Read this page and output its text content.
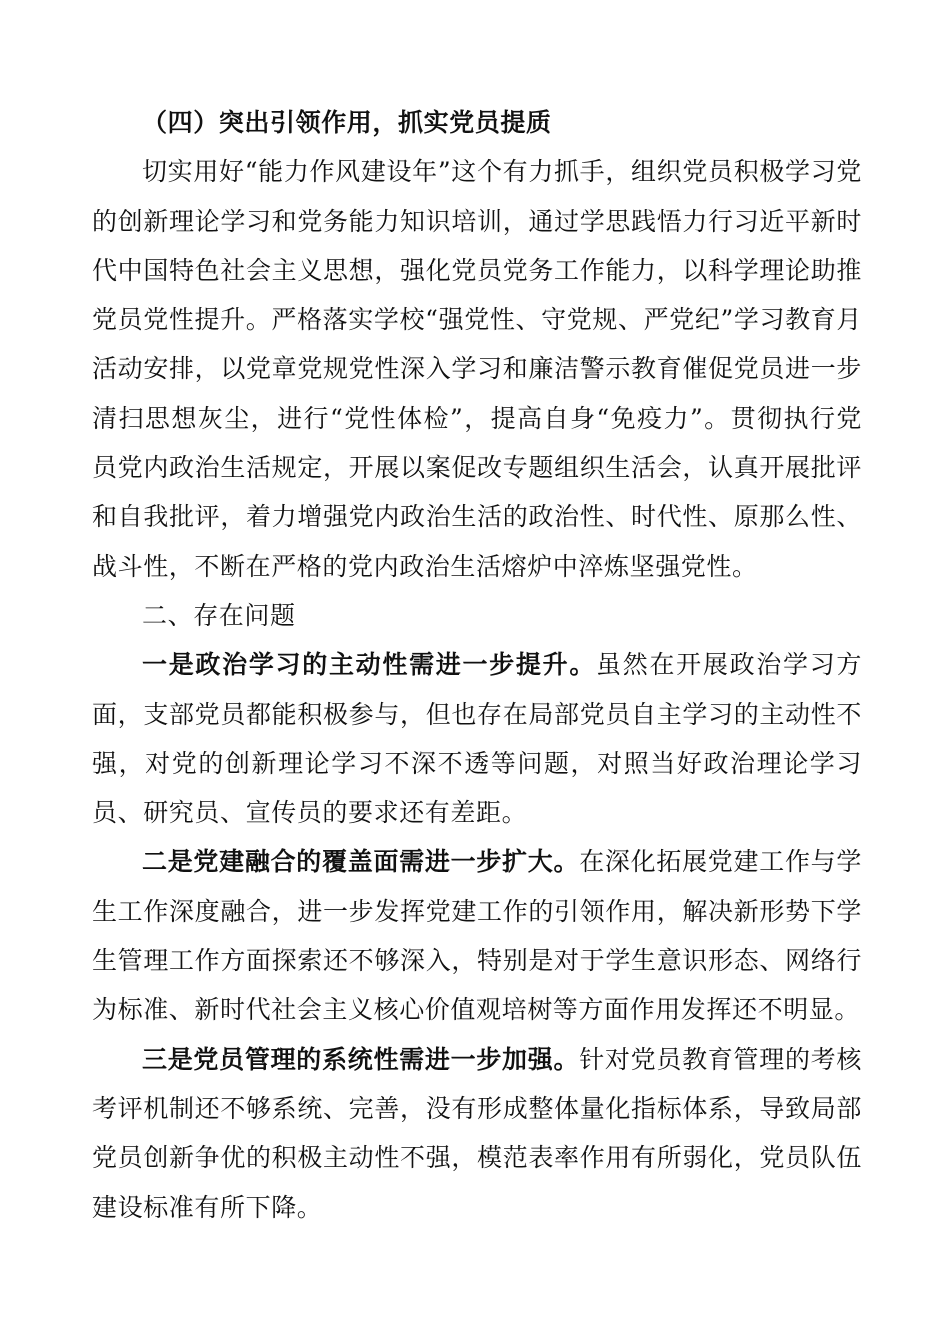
（四）突出引领作用，抓实党员提质

切实用好“能力作风建设年”这个有力抓手，组织党员积极学习党的创新理论学习和党务能力知识培训，通过学思践悟力行习近平新时代中国特色社会主义思想，强化党员党务工作能力，以科学理论助推党员党性提升。严格落实学校“强党性、守党规、严党纪”学习教育月活动安排，以党章党规党性深入学习和廉洁警示教育催促党员进一步清扫思想灰尘，进行“党性体检”，提高自身“免疫力”。贯彻执行党员党内政治生活规定，开展以案促改专题组织生活会，认真开展批评和自我批评，着力增强党内政治生活的政治性、时代性、原那么性、战斗性，不断在严格的党内政治生活熔炉中淬炼坚强党性。

二、存在问题

一是政治学习的主动性需进一步提升。虽然在开展政治学习方面，支部党员都能积极参与，但也存在局部党员自主学习的主动性不强，对党的创新理论学习不深不透等问题，对照当好政治理论学习员、研究员、宣传员的要求还有差距。

二是党建融合的覆盖面需进一步扩大。在深化拓展党建工作与学生工作深度融合，进一步发挥党建工作的引领作用，解决新形势下学生管理工作方面探索还不够深入，特别是对于学生意识形态、网络行为标准、新时代社会主义核心价值观培树等方面作用发挥还不明显。

三是党员管理的系统性需进一步加强。针对党员教育管理的考核考评机制还不够系统、完善，没有形成整体量化指标体系，导致局部党员创新争优的积极主动性不强，模范表率作用有所弱化，党员队伍建设标准有所下降。
